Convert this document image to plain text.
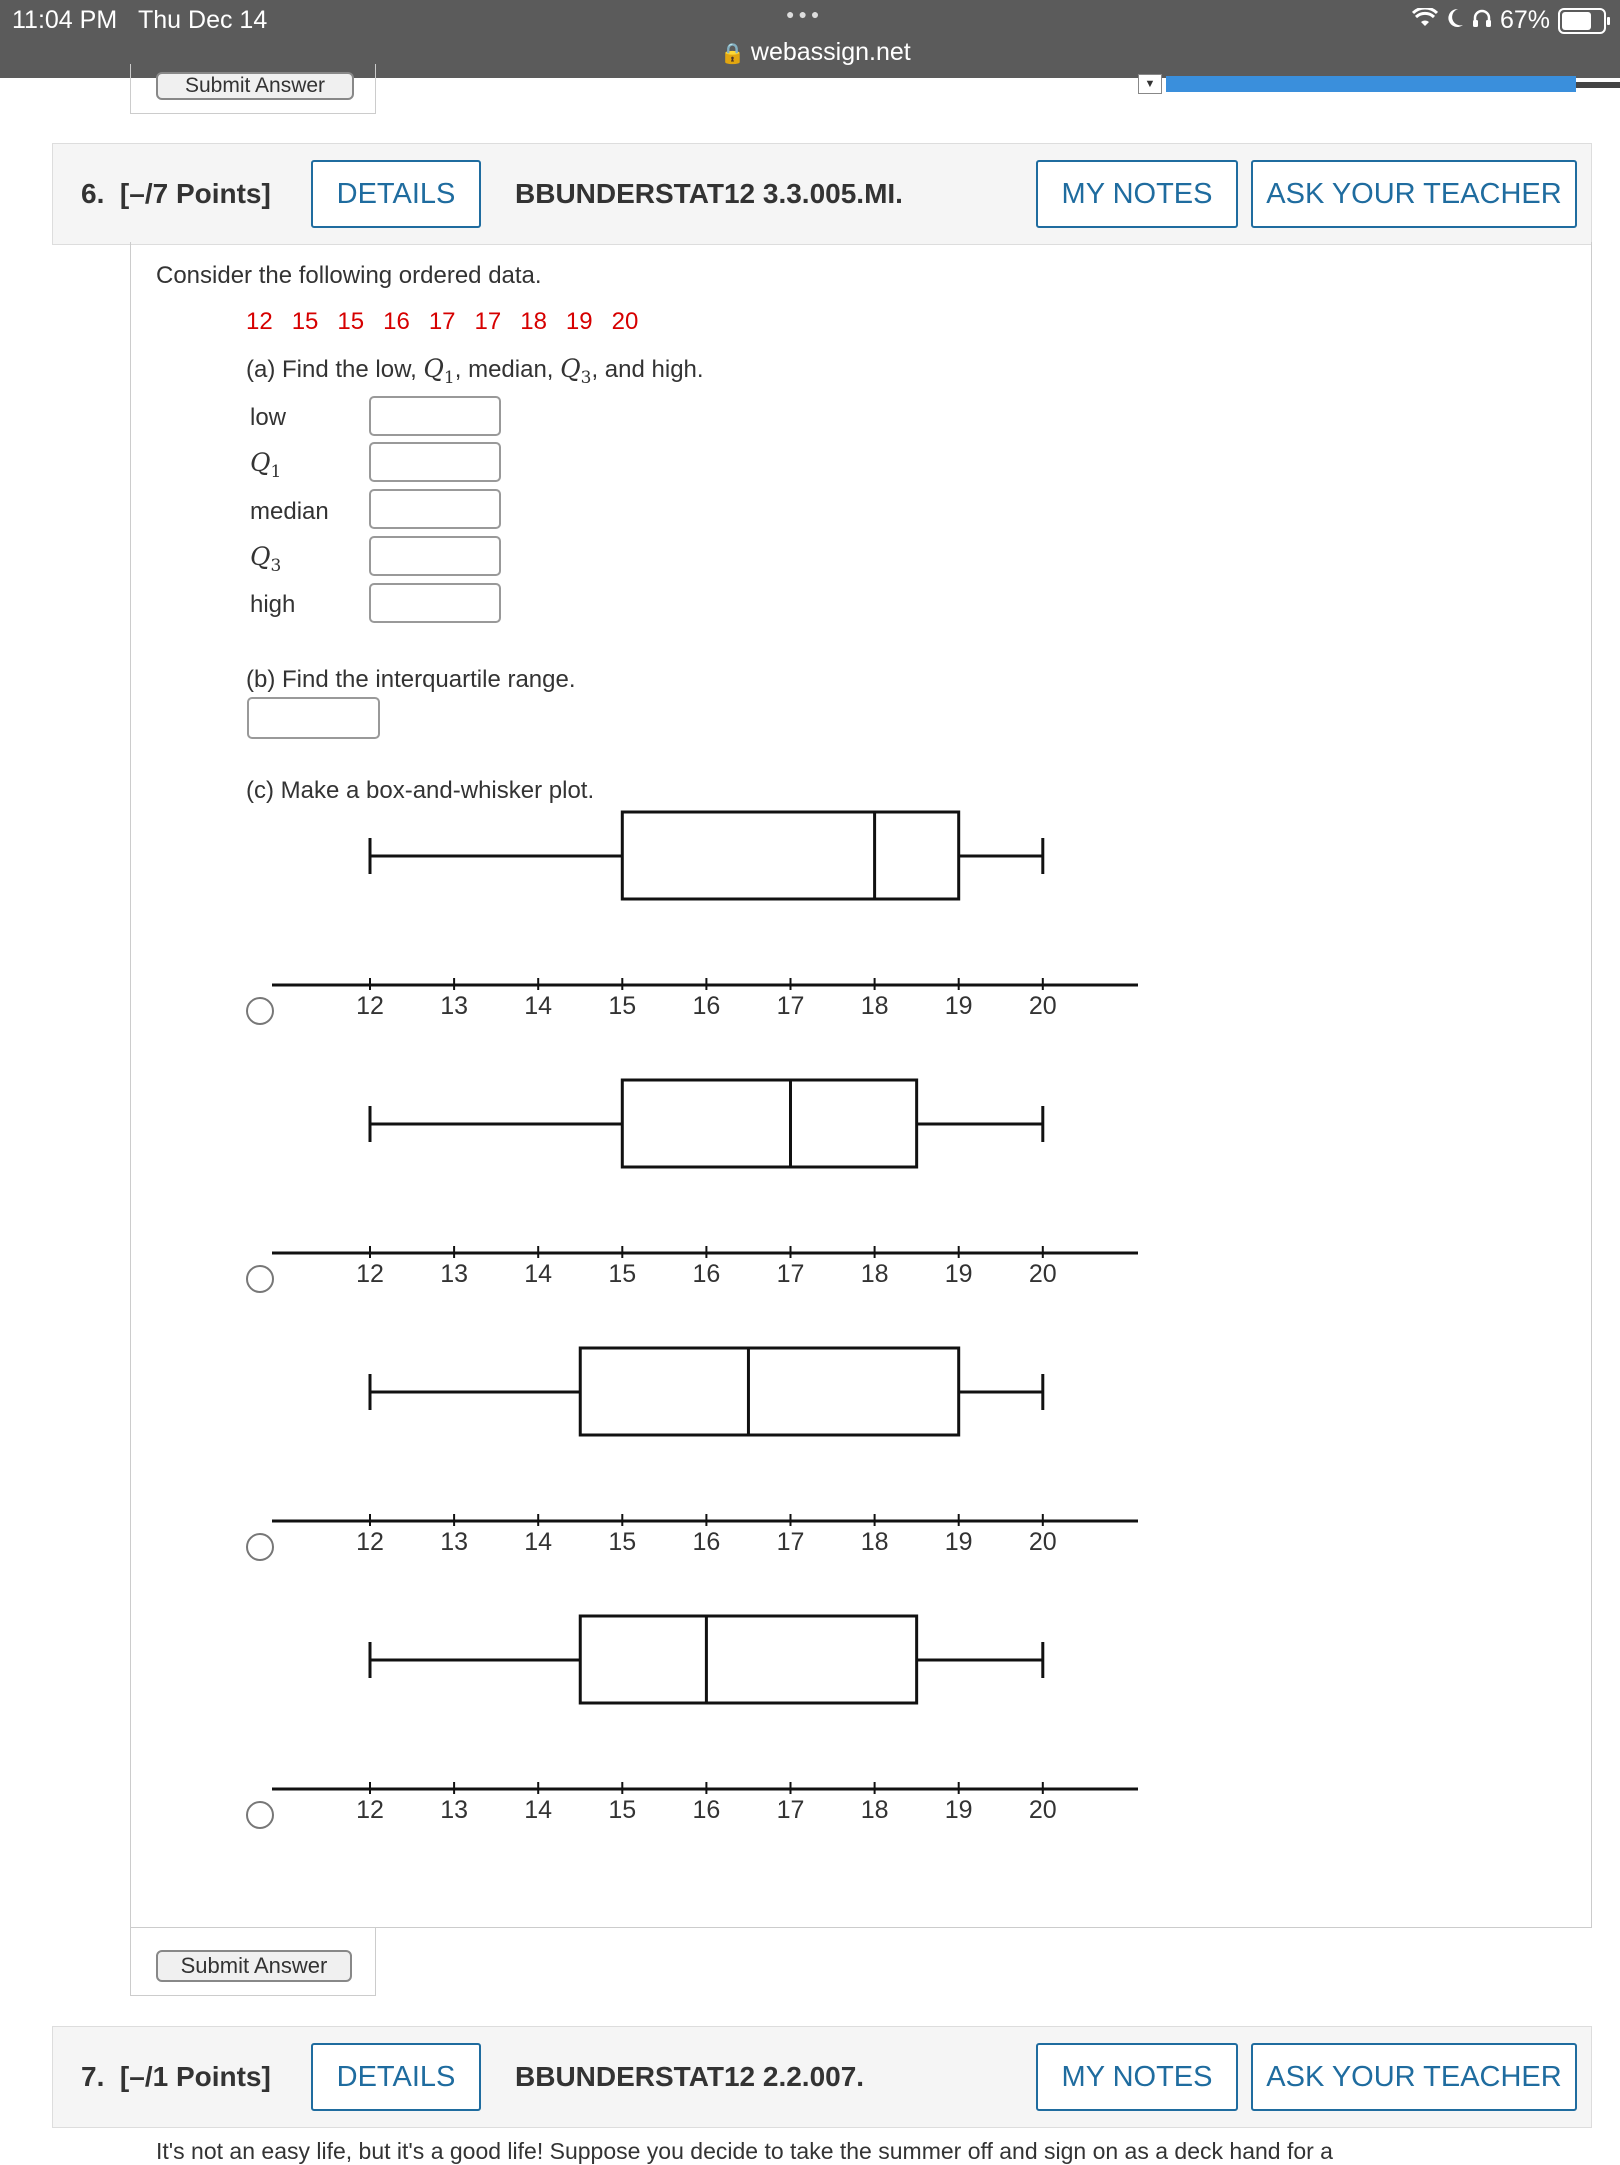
11:04 PM Thu Dec 14	●●●
🔒 webassign.net
67%
Submit Answer	▼
6. [–/7 Points]	DETAILS	BBUNDERSTAT12 3.3.005.MI.	MY NOTES	ASK YOUR TEACHER
Consider the following ordered data.
12 15 15 16 17 17 18 19 20
(a) Find the low, $Q_1$, median, $Q_3$, and high.
low
$Q_1$
median
$Q_3$
high
(b) Find the interquartile range.
(c) Make a box-and-whisker plot.
12 13 14 15 16 17 18 19 20
12 13 14 15 16 17 18 19 20
12 13 14 15 16 17 18 19 20
12 13 14 15 16 17 18 19 20
Submit Answer
7. [–/1 Points]	DETAILS	BBUNDERSTAT12 2.2.007.	MY NOTES	ASK YOUR TEACHER
It's not an easy life, but it's a good life! Suppose you decide to take the summer off and sign on as a deck hand for a
